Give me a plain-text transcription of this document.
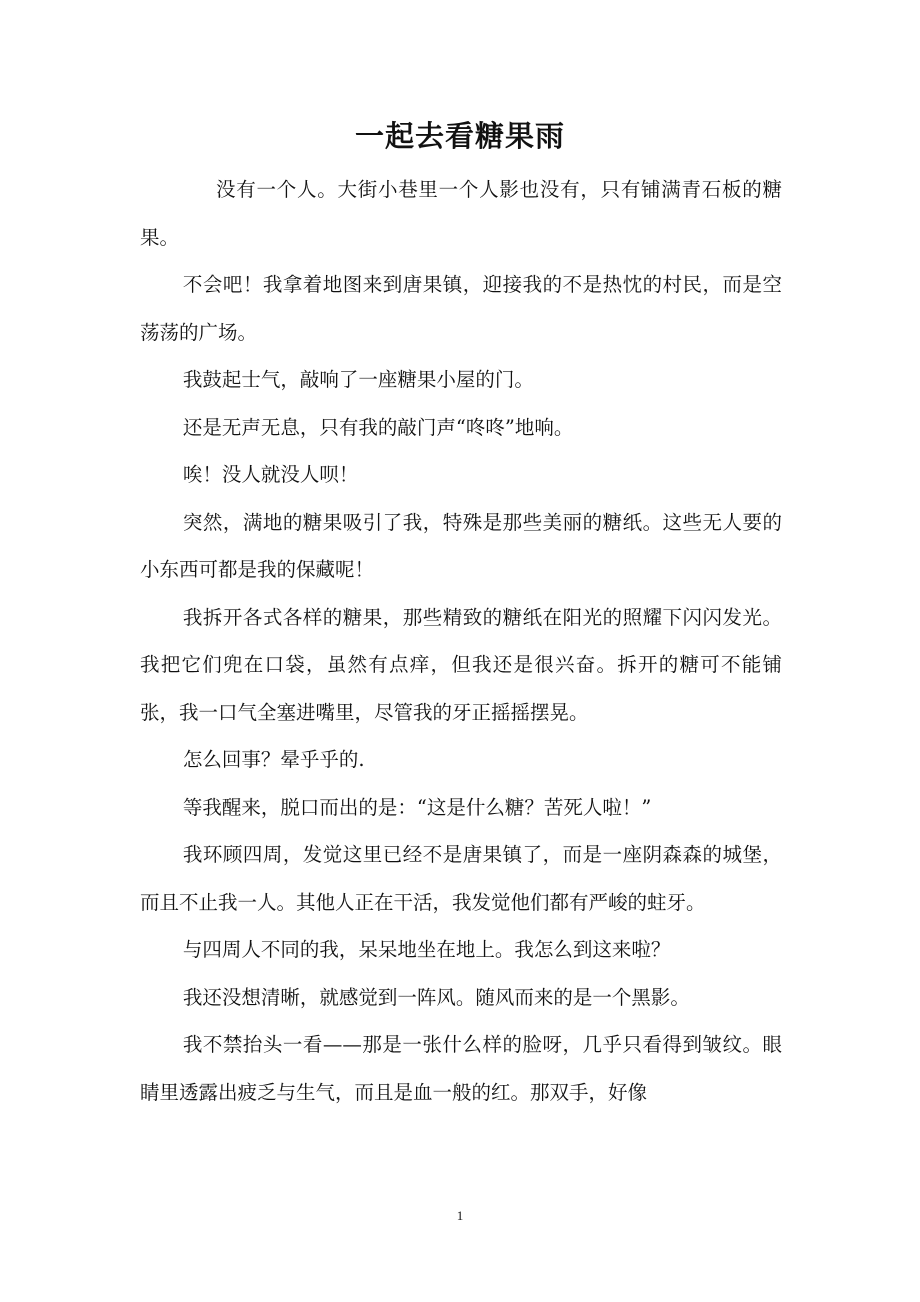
一起去看糖果雨

没有一个人。大街小巷里一个人影也没有，只有铺满青石板的糖果。

不会吧！我拿着地图来到唐果镇，迎接我的不是热忱的村民，而是空荡荡的广场。

我鼓起士气，敲响了一座糖果小屋的门。

还是无声无息，只有我的敲门声“咚咚”地响。

唉！没人就没人呗！

突然，满地的糖果吸引了我，特殊是那些美丽的糖纸。这些无人要的小东西可都是我的保藏呢！

我拆开各式各样的糖果，那些精致的糖纸在阳光的照耀下闪闪发光。我把它们兜在口袋，虽然有点痒，但我还是很兴奋。拆开的糖可不能铺张，我一口气全塞进嘴里，尽管我的牙正摇摇摆晃。

怎么回事？晕乎乎的.

等我醒来，脱口而出的是：“这是什么糖？苦死人啦！”

我环顾四周，发觉这里已经不是唐果镇了，而是一座阴森森的城堡，而且不止我一人。其他人正在干活，我发觉他们都有严峻的蛀牙。

与四周人不同的我，呆呆地坐在地上。我怎么到这来啦？

我还没想清晰，就感觉到一阵风。随风而来的是一个黑影。

我不禁抬头一看——那是一张什么样的脸呀，几乎只看得到皱纹。眼睛里透露出疲乏与生气，而且是血一般的红。那双手，好像

1
